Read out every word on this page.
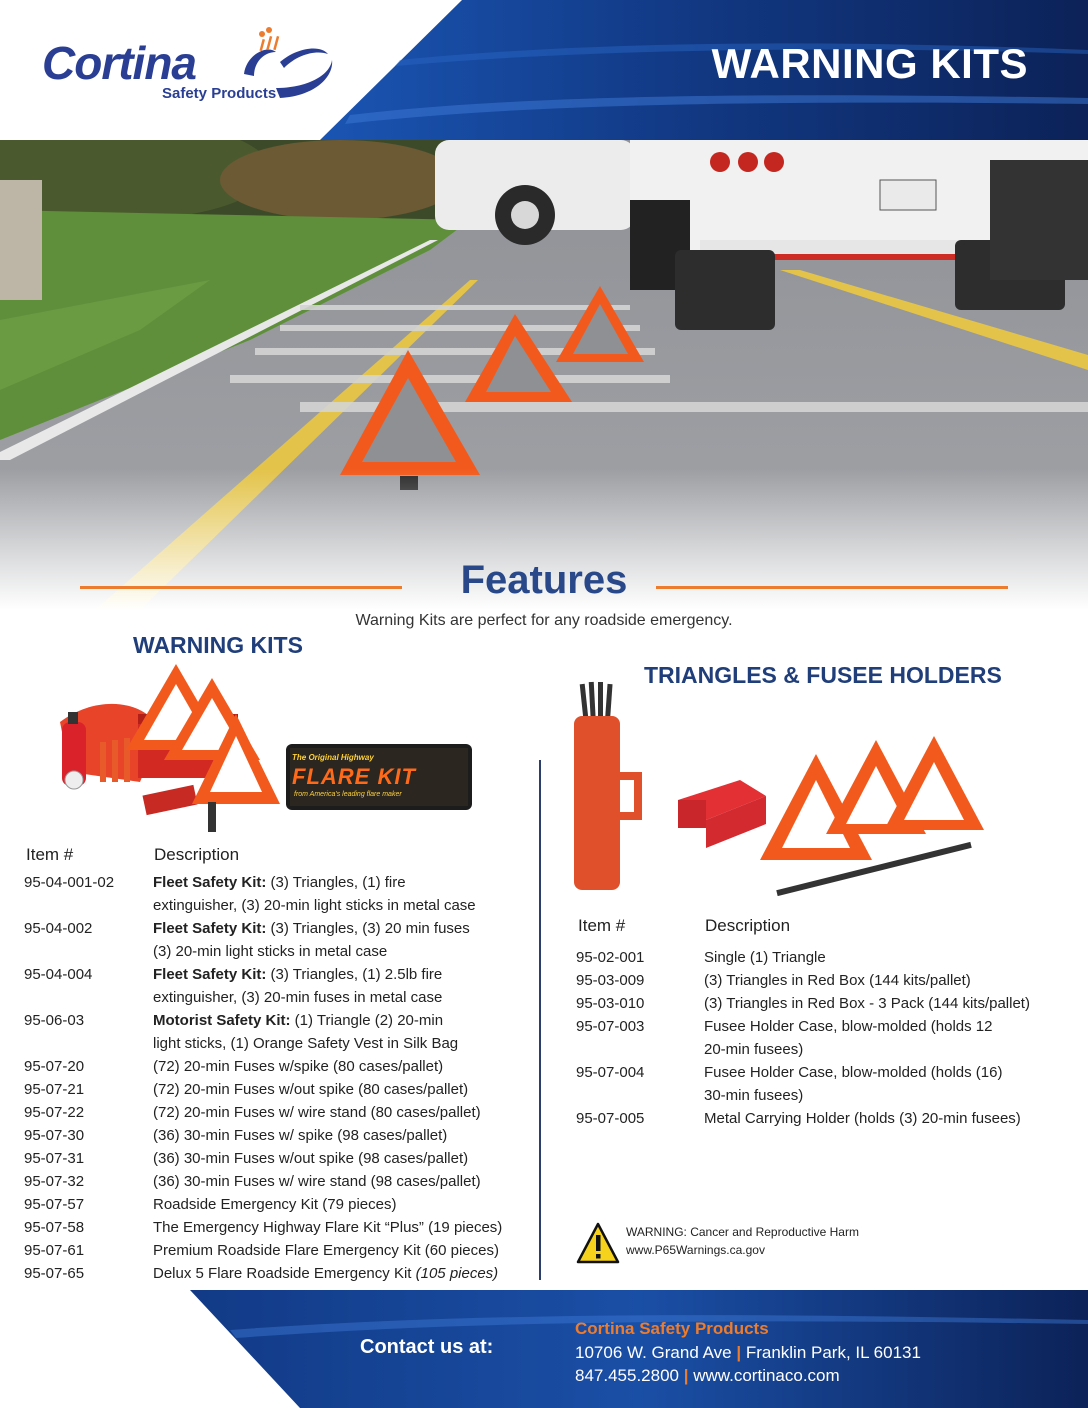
Cortina
Safety Products
WARNING KITS
Features
Warning Kits are perfect for any roadside emergency.
WARNING KITS
The Original Highway
FLARE KIT
from America's leading flare maker
Item #	Description
95-04-001-02	Fleet Safety Kit: (3) Triangles, (1) fire
extinguisher, (3) 20-min light sticks in metal case
95-04-002	Fleet Safety Kit: (3) Triangles, (3) 20 min fuses
(3) 20-min light sticks in metal case
95-04-004	Fleet Safety Kit: (3) Triangles, (1) 2.5lb fire
extinguisher, (3) 20-min fuses in metal case
95-06-03	Motorist Safety Kit: (1) Triangle (2) 20-min
light sticks, (1) Orange Safety Vest in Silk Bag
95-07-20	(72) 20-min Fuses w/spike (80 cases/pallet)
95-07-21	(72) 20-min Fuses w/out spike (80 cases/pallet)
95-07-22	(72) 20-min Fuses w/ wire stand (80 cases/pallet)
95-07-30	(36) 30-min Fuses w/ spike (98 cases/pallet)
95-07-31	(36) 30-min Fuses w/out spike (98 cases/pallet)
95-07-32	(36) 30-min Fuses w/ wire stand (98 cases/pallet)
95-07-57	Roadside Emergency Kit (79 pieces)
95-07-58	The Emergency Highway Flare Kit “Plus” (19 pieces)
95-07-61	Premium Roadside Flare Emergency Kit (60 pieces)
95-07-65	Delux 5 Flare Roadside Emergency Kit (105 pieces)
TRIANGLES & FUSEE HOLDERS
Item #	Description
95-02-001	Single (1) Triangle
95-03-009	(3) Triangles in Red Box (144 kits/pallet)
95-03-010	(3) Triangles in Red Box - 3 Pack (144 kits/pallet)
95-07-003	Fusee Holder Case, blow-molded (holds 12
20-min fusees)
95-07-004	Fusee Holder Case, blow-molded (holds (16)
30-min fusees)
95-07-005	Metal Carrying Holder (holds (3) 20-min fusees)
WARNING: Cancer and Reproductive Harm
www.P65Warnings.ca.gov
Contact us at:
Cortina Safety Products
10706 W. Grand Ave | Franklin Park, IL 60131
847.455.2800 | www.cortinaco.com
